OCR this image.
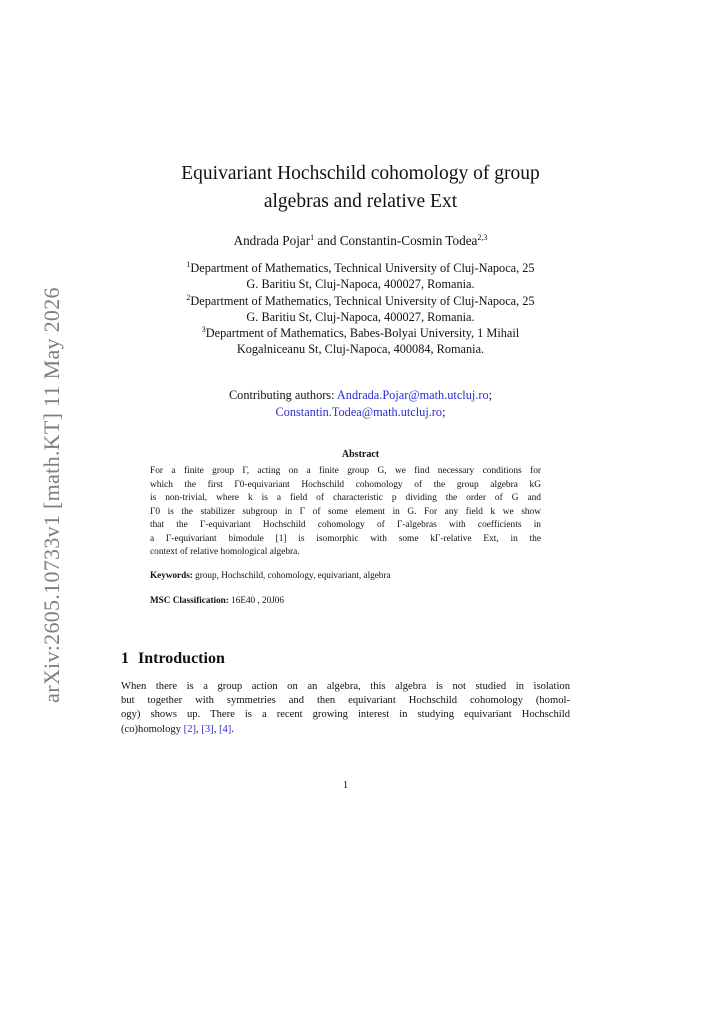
arXiv:2605.10733v1 [math.KT] 11 May 2026
Equivariant Hochschild cohomology of group
algebras and relative Ext
Andrada Pojar$^1$ and Constantin-Cosmin Todea$^{2,3}$
$^1$Department of Mathematics, Technical University of Cluj-Napoca, 25
G. Baritiu St, Cluj-Napoca, 400027, Romania.
$^2$Department of Mathematics, Technical University of Cluj-Napoca, 25
G. Baritiu St, Cluj-Napoca, 400027, Romania.
$^3$Department of Mathematics, Babes-Bolyai University, 1 Mihail
Kogalniceanu St, Cluj-Napoca, 400084, Romania.
Contributing authors: Andrada.Pojar@math.utcluj.ro;
Constantin.Todea@math.utcluj.ro;
Abstract
For a finite group Γ, acting on a finite group G, we find necessary conditions for
which the first Γ0-equivariant Hochschild cohomology of the group algebra kG
is non-trivial, where k is a field of characteristic p dividing the order of G and
Γ0 is the stabilizer subgroup in Γ of some element in G. For any field k we show
that the Γ-equivariant Hochschild cohomology of Γ-algebras with coefficients in
a Γ-equivariant bimodule [1] is isomorphic with some kΓ-relative Ext, in the
context of relative homological algebra.
Keywords: group, Hochschild, cohomology, equivariant, algebra
MSC Classification: 16E40 , 20J06
1 Introduction
When there is a group action on an algebra, this algebra is not studied in isolation
but together with symmetries and then equivariant Hochschild cohomology (homol-
ogy) shows up. There is a recent growing interest in studying equivariant Hochschild
(co)homology [2], [3], [4].
1
